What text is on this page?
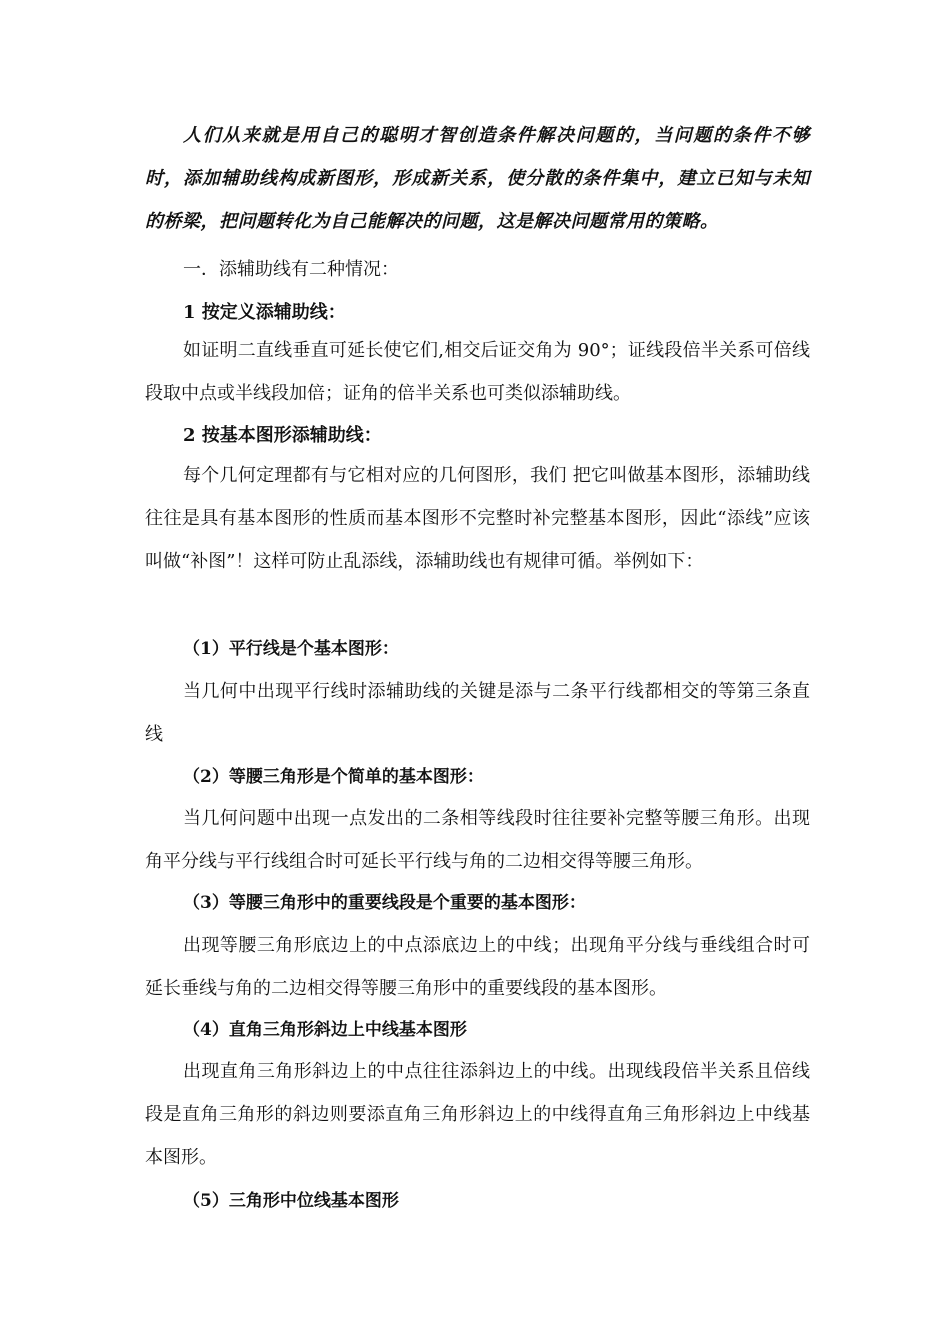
人们从来就是用自己的聪明才智创造条件解决问题的，当问题的条件不够时，添加辅助线构成新图形，形成新关系，使分散的条件集中，建立已知与未知的桥梁，把问题转化为自己能解决的问题，这是解决问题常用的策略。
一．添辅助线有二种情况：
1 按定义添辅助线：
如证明二直线垂直可延长使它们,相交后证交角为 90°；证线段倍半关系可倍线段取中点或半线段加倍；证角的倍半关系也可类似添辅助线。
2 按基本图形添辅助线：
每个几何定理都有与它相对应的几何图形，我们 把它叫做基本图形，添辅助线往往是具有基本图形的性质而基本图形不完整时补完整基本图形，因此“添线”应该叫做“补图”！这样可防止乱添线，添辅助线也有规律可循。举例如下：
（1）平行线是个基本图形：
当几何中出现平行线时添辅助线的关键是添与二条平行线都相交的等第三条直线
（2）等腰三角形是个简单的基本图形：
当几何问题中出现一点发出的二条相等线段时往往要补完整等腰三角形。出现角平分线与平行线组合时可延长平行线与角的二边相交得等腰三角形。
（3）等腰三角形中的重要线段是个重要的基本图形：
出现等腰三角形底边上的中点添底边上的中线；出现角平分线与垂线组合时可延长垂线与角的二边相交得等腰三角形中的重要线段的基本图形。
（4）直角三角形斜边上中线基本图形
出现直角三角形斜边上的中点往往添斜边上的中线。出现线段倍半关系且倍线段是直角三角形的斜边则要添直角三角形斜边上的中线得直角三角形斜边上中线基本图形。
（5）三角形中位线基本图形
